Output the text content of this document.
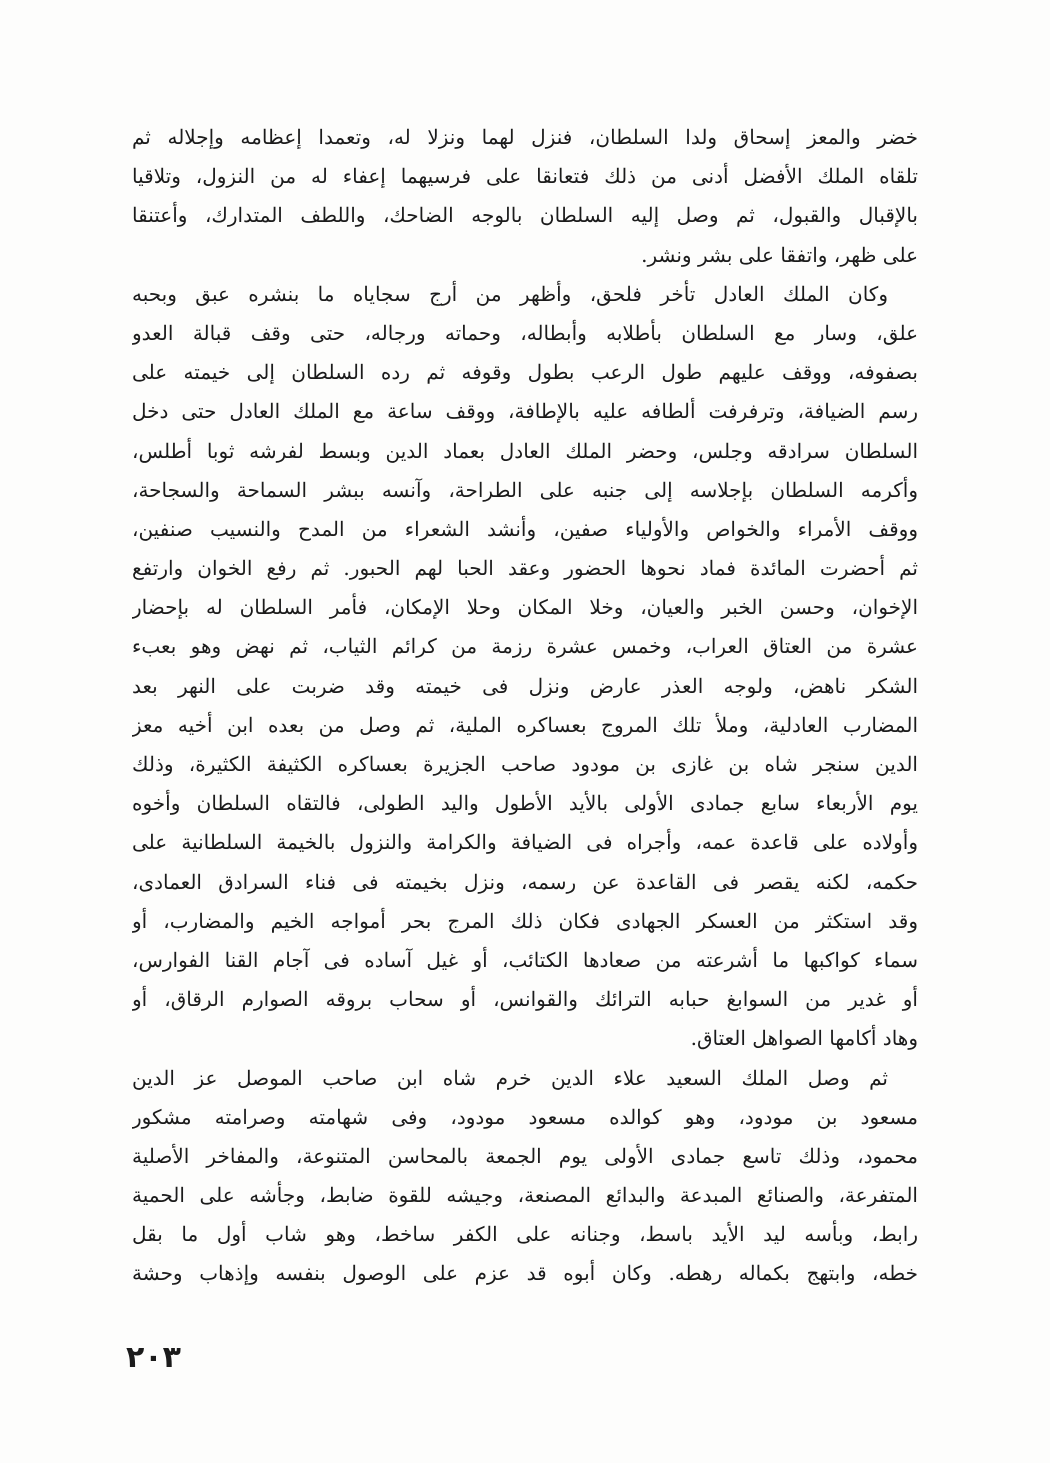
خضر والمعز إسحاق ولدا السلطان، فنزل لهما ونزلا له، وتعمدا إعظامه وإجلاله ثم
تلقاه الملك الأفضل أدنى من ذلك فتعانقا على فرسيهما إعفاء له من النزول، وتلاقيا
بالإقبال والقبول، ثم وصل إليه السلطان بالوجه الضاحك، واللطف المتدارك، وأعتنقا
على ظهر، واتفقا على بشر ونشر.
وكان الملك العادل تأخر فلحق، وأظهر من أرج سجاياه ما بنشره عبق وبحبه
علق، وسار مع السلطان بأطلابه وأبطاله، وحماته ورجاله، حتى وقف قبالة العدو
بصفوفه، ووقف عليهم طول الرعب بطول وقوفه ثم رده السلطان إلى خيمته على
رسم الضيافة، وترفرفت ألطافه عليه بالإطافة، ووقف ساعة مع الملك العادل حتى دخل
السلطان سرادقه وجلس، وحضر الملك العادل بعماد الدين وبسط لفرشه ثوبا أطلس،
وأكرمه السلطان بإجلاسه إلى جنبه على الطراحة، وآنسه ببشر السماحة والسجاحة،
ووقف الأمراء والخواص والأولياء صفين، وأنشد الشعراء من المدح والنسيب صنفين،
ثم أحضرت المائدة فماد نحوها الحضور وعقد الحبا لهم الحبور. ثم رفع الخوان وارتفع
الإخوان، وحسن الخبر والعيان، وخلا المكان وحلا الإمكان، فأمر السلطان له بإحضار
عشرة من العتاق العراب، وخمس عشرة رزمة من كرائم الثياب، ثم نهض وهو بعبء
الشكر ناهض، ولوجه العذر عارض ونزل فى خيمته وقد ضربت على النهر بعد
المضارب العادلية، وملأ تلك المروج بعساكره الملية، ثم وصل من بعده ابن أخيه معز
الدين سنجر شاه بن غازى بن مودود صاحب الجزيرة بعساكره الكثيفة الكثيرة، وذلك
يوم الأربعاء سابع جمادى الأولى بالأيد الأطول واليد الطولى، فالتقاه السلطان وأخوه
وأولاده على قاعدة عمه، وأجراه فى الضيافة والكرامة والنزول بالخيمة السلطانية على
حكمه، لكنه يقصر فى القاعدة عن رسمه، ونزل بخيمته فى فناء السرادق العمادى،
وقد استكثر من العسكر الجهادى فكان ذلك المرج بحر أمواجه الخيم والمضارب، أو
سماء كواكبها ما أشرعته من صعادها الكتائب، أو غيل آساده فى آجام القنا الفوارس،
أو غدير من السوابغ حبابه الترائك والقوانس، أو سحاب بروقه الصوارم الرقاق، أو
وهاد أكامها الصواهل العتاق.
ثم وصل الملك السعيد علاء الدين خرم شاه ابن صاحب الموصل عز الدين
مسعود بن مودود، وهو كوالده مسعود مودود، وفى شهامته وصرامته مشكور
محمود، وذلك تاسع جمادى الأولى يوم الجمعة بالمحاسن المتنوعة، والمفاخر الأصلية
المتفرعة، والصنائع المبدعة والبدائع المصنعة، وجيشه للقوة ضابط، وجأشه على الحمية
رابط، وبأسه ليد الأيد باسط، وجنانه على الكفر ساخط، وهو شاب أول ما بقل
خطه، وابتهج بكماله رهطه. وكان أبوه قد عزم على الوصول بنفسه وإذهاب وحشة
٢٠٣
